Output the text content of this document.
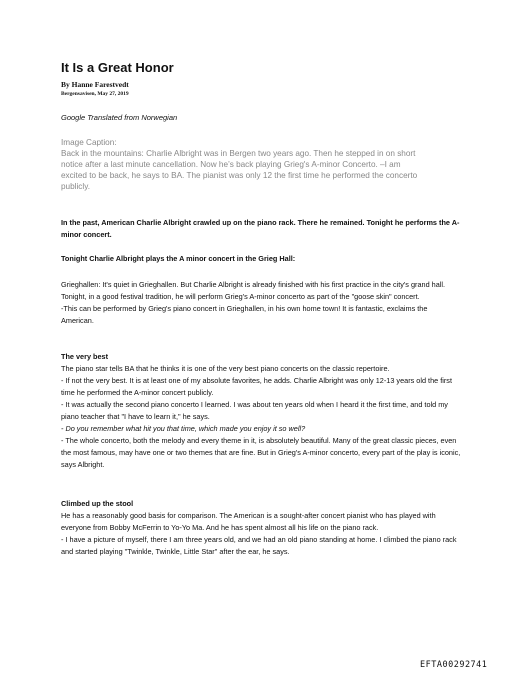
It Is a Great Honor

By Hanne Farestvedt

Bergensavisen, May 27, 2019

Google Translated from Norwegian

Image Caption:
Back in the mountains: Charlie Albright was in Bergen two years ago. Then he stepped in on short notice after a last minute cancellation. Now he’s back playing Grieg's A-minor Concerto. –I am excited to be back, he says to BA. The pianist was only 12 the first time he performed the concerto publicly.

In the past, American Charlie Albright crawled up on the piano rack. There he remained. Tonight he performs the A-minor concert.

Tonight Charlie Albright plays the A minor concert in the Grieg Hall:

Grieghallen: It's quiet in Grieghallen. But Charlie Albright is already finished with his first practice in the city's grand hall. Tonight, in a good festival tradition, he will perform Grieg's A-minor concerto as part of the "goose skin" concert.

-This can be performed by Grieg's piano concert in Grieghallen, in his own home town! It is fantastic, exclaims the American.

The very best

The piano star tells BA that he thinks it is one of the very best piano concerts on the classic repertoire.

- If not the very best. It is at least one of my absolute favorites, he adds. Charlie Albright was only 12-13 years old the first time he performed the A-minor concert publicly.

- It was actually the second piano concerto I learned. I was about ten years old when I heard it the first time, and told my piano teacher that "I have to learn it," he says.

- Do you remember what hit you that time, which made you enjoy it so well?

- The whole concerto, both the melody and every theme in it, is absolutely beautiful. Many of the great classic pieces, even the most famous, may have one or two themes that are fine. But in Grieg's A-minor concerto, every part of the play is iconic, says Albright.

Climbed up the stool

He has a reasonably good basis for comparison. The American is a sought-after concert pianist who has played with everyone from Bobby McFerrin to Yo-Yo Ma. And he has spent almost all his life on the piano rack.

- I have a picture of myself, there I am three years old, and we had an old piano standing at home. I climbed the piano rack and started playing "Twinkle, Twinkle, Little Star" after the ear, he says.

EFTA00292741
